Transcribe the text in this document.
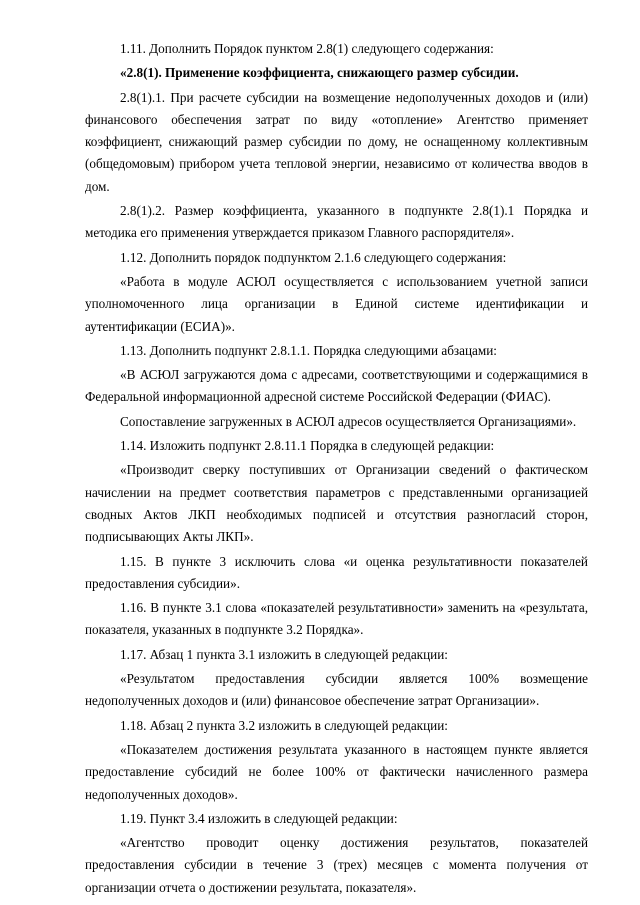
1.11. Дополнить Порядок пунктом 2.8(1) следующего содержания:

«2.8(1). Применение коэффициента, снижающего размер субсидии.

2.8(1).1. При расчете субсидии на возмещение недополученных доходов и (или) финансового обеспечения затрат по виду «отопление» Агентство применяет коэффициент, снижающий размер субсидии по дому, не оснащенному коллективным (общедомовым) прибором учета тепловой энергии, независимо от количества вводов в дом.

2.8(1).2. Размер коэффициента, указанного в подпункте 2.8(1).1 Порядка и методика его применения утверждается приказом Главного распорядителя».

1.12. Дополнить порядок подпунктом 2.1.6 следующего содержания:

«Работа в модуле АСЮЛ осуществляется с использованием учетной записи уполномоченного лица организации в Единой системе идентификации и аутентификации (ЕСИА)».

1.13. Дополнить подпункт 2.8.1.1. Порядка следующими абзацами:

«В АСЮЛ загружаются дома с адресами, соответствующими и содержащимися в Федеральной информационной адресной системе Российской Федерации (ФИАС).

Сопоставление загруженных в АСЮЛ адресов осуществляется Организациями».

1.14. Изложить подпункт 2.8.11.1 Порядка в следующей редакции:

«Производит сверку поступивших от Организации сведений о фактическом начислении на предмет соответствия параметров с представленными организацией сводных Актов ЛКП необходимых подписей и отсутствия разногласий сторон, подписывающих Акты ЛКП».

1.15. В пункте 3 исключить слова «и оценка результативности показателей предоставления субсидии».

1.16. В пункте 3.1 слова «показателей результативности» заменить на «результата, показателя, указанных в подпункте 3.2 Порядка».

1.17. Абзац 1 пункта 3.1 изложить в следующей редакции:

«Результатом предоставления субсидии является 100% возмещение недополученных доходов и (или) финансовое обеспечение затрат Организации».

1.18. Абзац 2 пункта 3.2 изложить в следующей редакции:

«Показателем достижения результата указанного в настоящем пункте является предоставление субсидий не более 100% от фактически начисленного размера недополученных доходов».

1.19. Пункт 3.4 изложить в следующей редакции:

«Агентство проводит оценку достижения результатов, показателей предоставления субсидии в течение 3 (трех) месяцев с момента получения от организации отчета о достижении результата, показателя».
